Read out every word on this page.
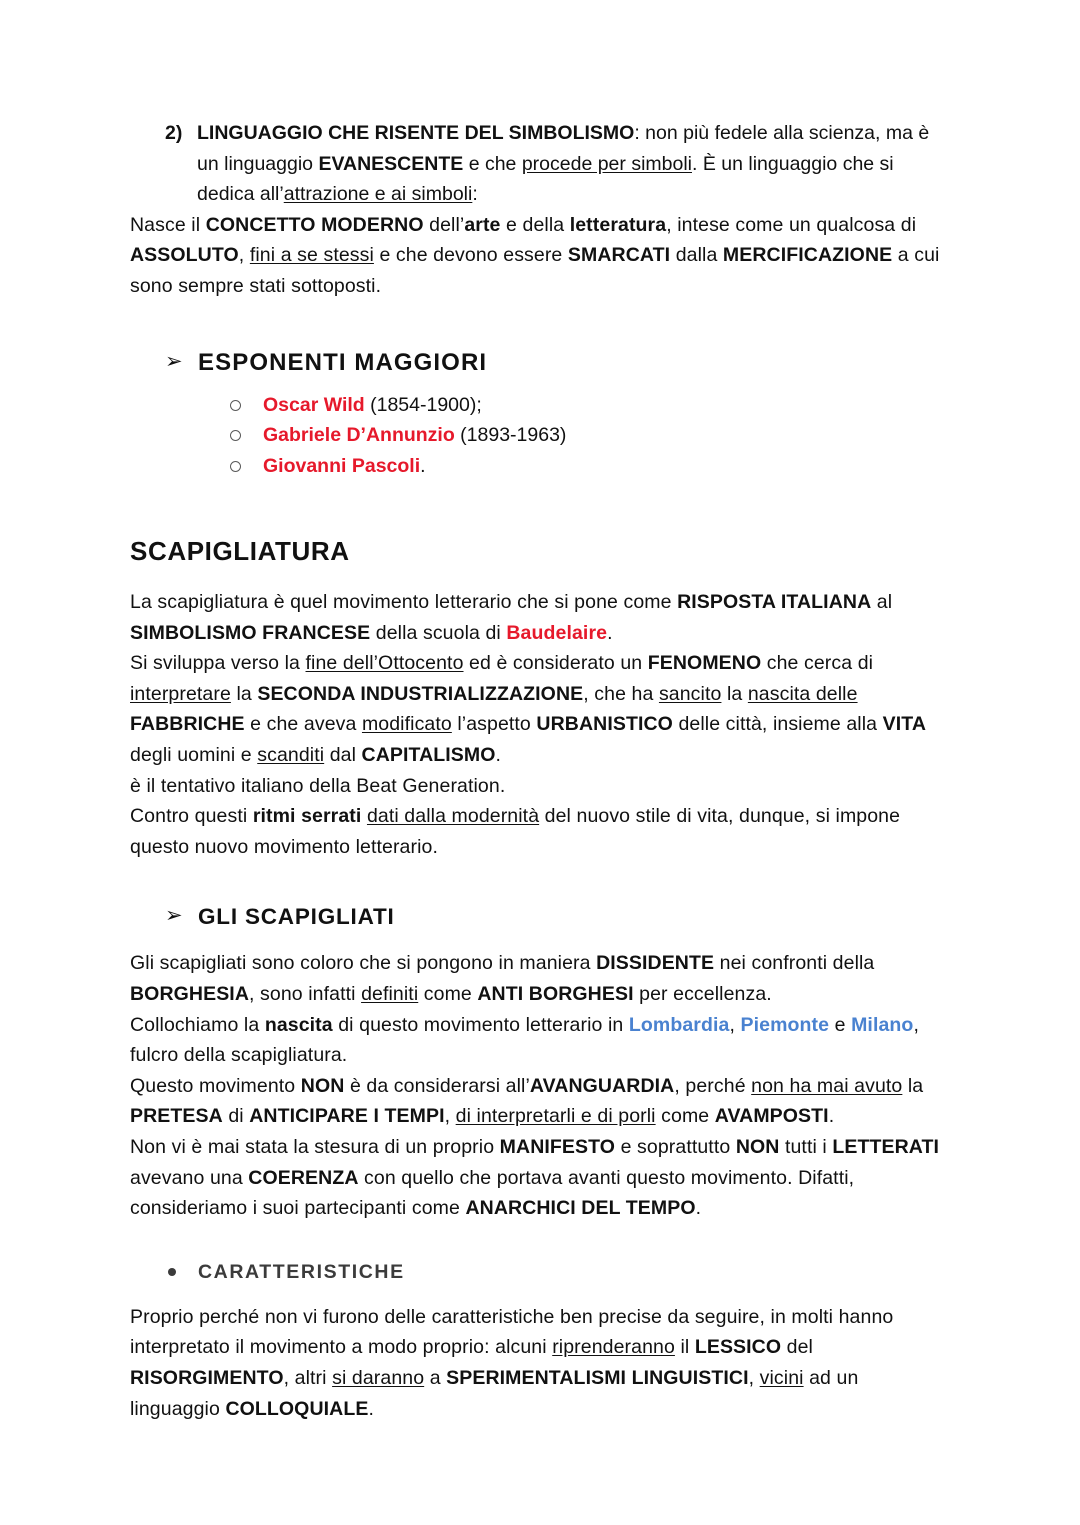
2) LINGUAGGIO CHE RISENTE DEL SIMBOLISMO: non più fedele alla scienza, ma è un linguaggio EVANESCENTE e che procede per simboli. È un linguaggio che si dedica all’attrazione e ai simboli:

Nasce il CONCETTO MODERNO dell’arte e della letteratura, intese come un qualcosa di ASSOLUTO, fini a se stessi e che devono essere SMARCATI dalla MERCIFICAZIONE a cui sono sempre stati sottoposti.

➢ ESPONENTI MAGGIORI
Oscar Wild (1854-1900);
Gabriele D’Annunzio (1893-1963)
Giovanni Pascoli.
SCAPIGLIATURA

La scapigliatura è quel movimento letterario che si pone come RISPOSTA ITALIANA al SIMBOLISMO FRANCESE della scuola di Baudelaire.

Si sviluppa verso la fine dell’Ottocento ed è considerato un FENOMENO che cerca di interpretare la SECONDA INDUSTRIALIZZAZIONE, che ha sancito la nascita delle FABBRICHE e che aveva modificato l’aspetto URBANISTICO delle città, insieme alla VITA degli uomini e scanditi dal CAPITALISMO.

è il tentativo italiano della Beat Generation.

Contro questi ritmi serrati dati dalla modernità del nuovo stile di vita, dunque, si impone questo nuovo movimento letterario.

➢ GLI SCAPIGLIATI

Gli scapigliati sono coloro che si pongono in maniera DISSIDENTE nei confronti della BORGHESIA, sono infatti definiti come ANTI BORGHESI per eccellenza.

Collochiamo la nascita di questo movimento letterario in Lombardia, Piemonte e Milano, fulcro della scapigliatura.

Questo movimento NON è da considerarsi all’AVANGUARDIA, perché non ha mai avuto la PRETESA di ANTICIPARE I TEMPI, di interpretarli e di porli come AVAMPOSTI.

Non vi è mai stata la stesura di un proprio MANIFESTO e soprattutto NON tutti i LETTERATI avevano una COERENZA con quello che portava avanti questo movimento. Difatti, consideriamo i suoi partecipanti come ANARCHICI DEL TEMPO.

CARATTERISTICHE

Proprio perché non vi furono delle caratteristiche ben precise da seguire, in molti hanno interpretato il movimento a modo proprio: alcuni riprenderanno il LESSICO del RISORGIMENTO, altri si daranno a SPERIMENTALISMI LINGUISTICI, vicini ad un linguaggio COLLOQUIALE.
